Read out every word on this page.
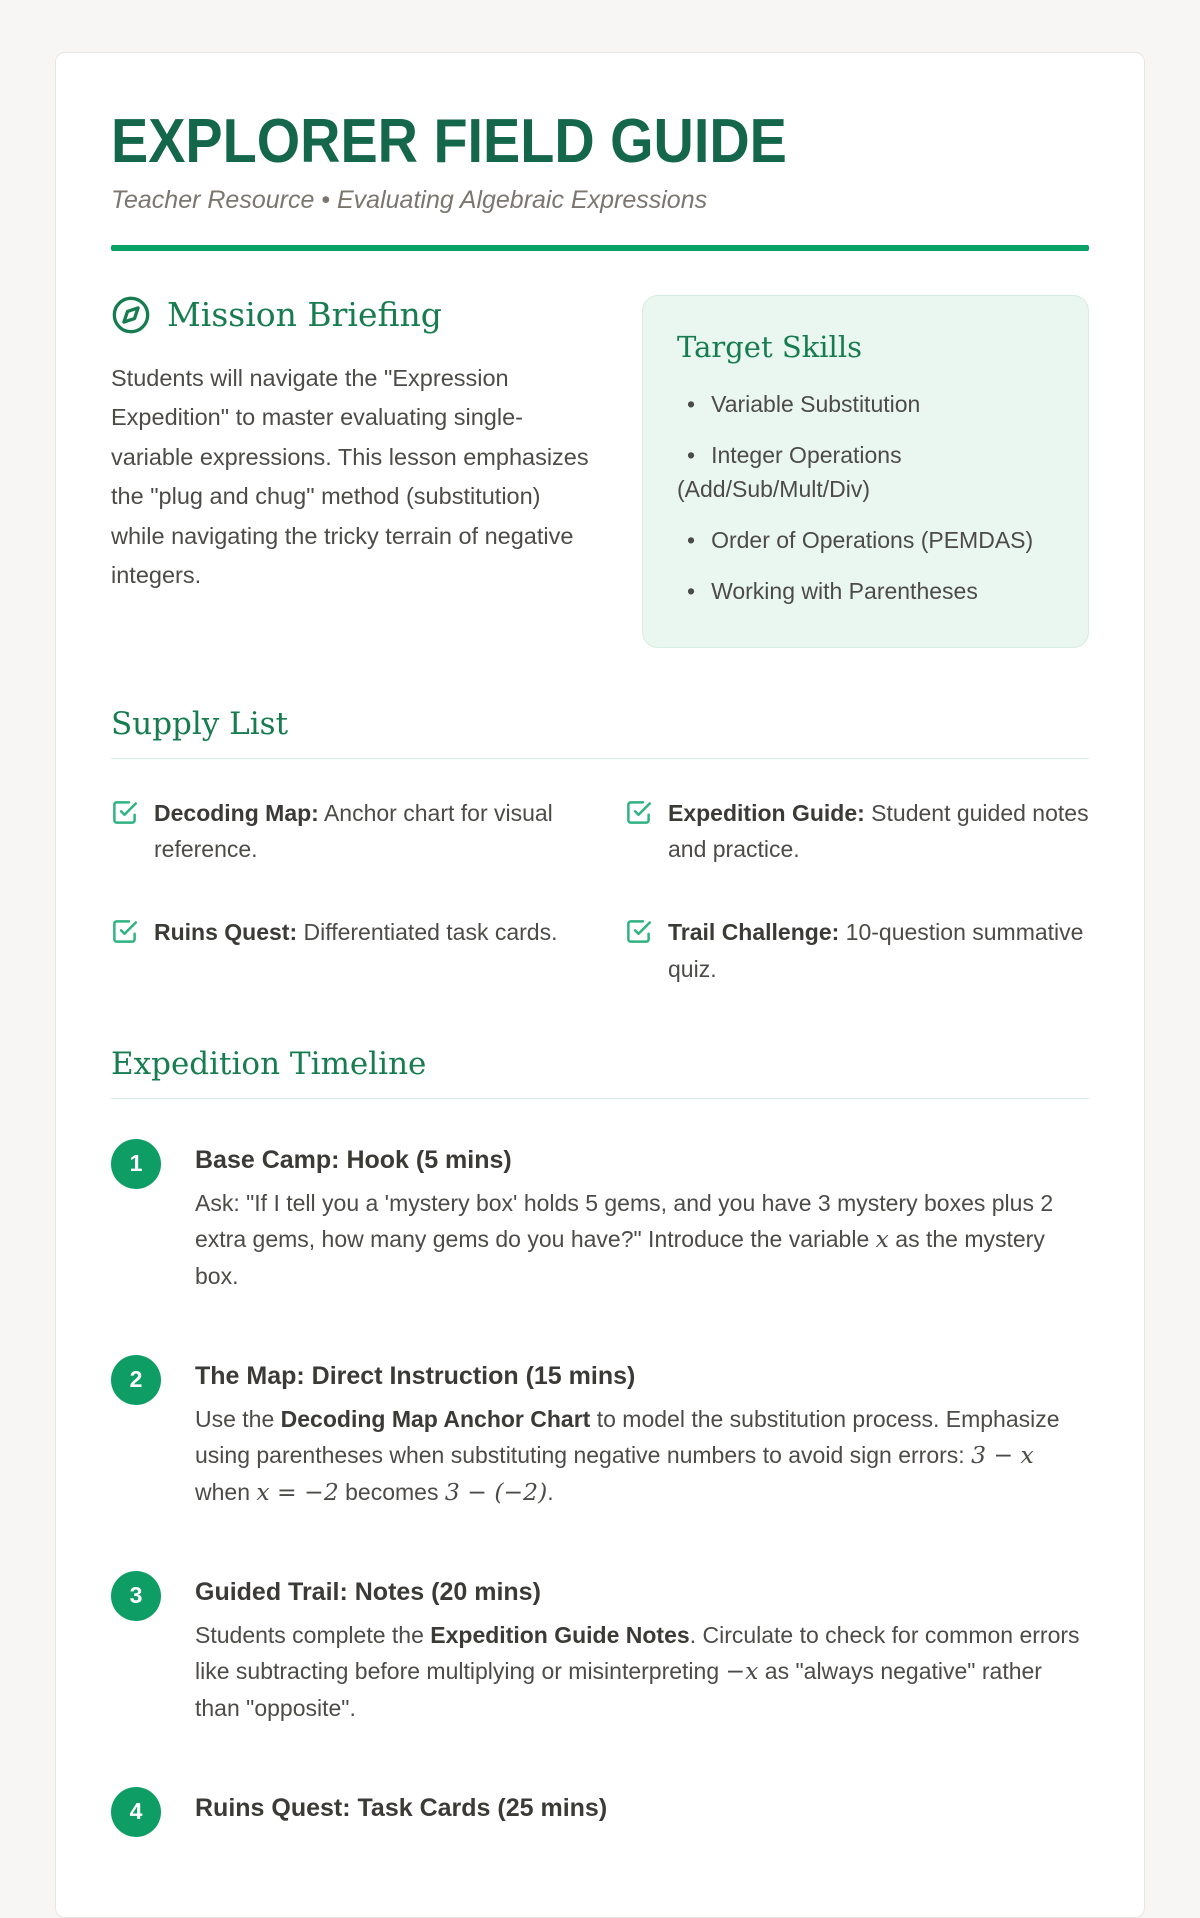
EXPLORER FIELD GUIDE

Teacher Resource • Evaluating Algebraic Expressions

Mission Briefing

Students will navigate the "Expression Expedition" to master evaluating single-variable expressions. This lesson emphasizes the "plug and chug" method (substitution) while navigating the tricky terrain of negative integers.

Target Skills
• Variable Substitution
• Integer Operations (Add/Sub/Mult/Div)
• Order of Operations (PEMDAS)
• Working with Parentheses
Supply List

Decoding Map: Anchor chart for visual reference.

Expedition Guide: Student guided notes and practice.

Ruins Quest: Differentiated task cards.	Trail Challenge: 10-question summative quiz.

Expedition Timeline
1	Base Camp: Hook (5 mins)

Ask: "If I tell you a 'mystery box' holds 5 gems, and you have 3 mystery boxes plus 2 extra gems, how many gems do you have?" Introduce the variable x as the mystery box.

2	The Map: Direct Instruction (15 mins)

Use the Decoding Map Anchor Chart to model the substitution process. Emphasize using parentheses when substituting negative numbers to avoid sign errors: 3 − x when x = −2 becomes 3 − (−2).

3	Guided Trail: Notes (20 mins)

Students complete the Expedition Guide Notes. Circulate to check for common errors like subtracting before multiplying or misinterpreting −x as "always negative" rather than "opposite".

4	Ruins Quest: Task Cards (25 mins)
